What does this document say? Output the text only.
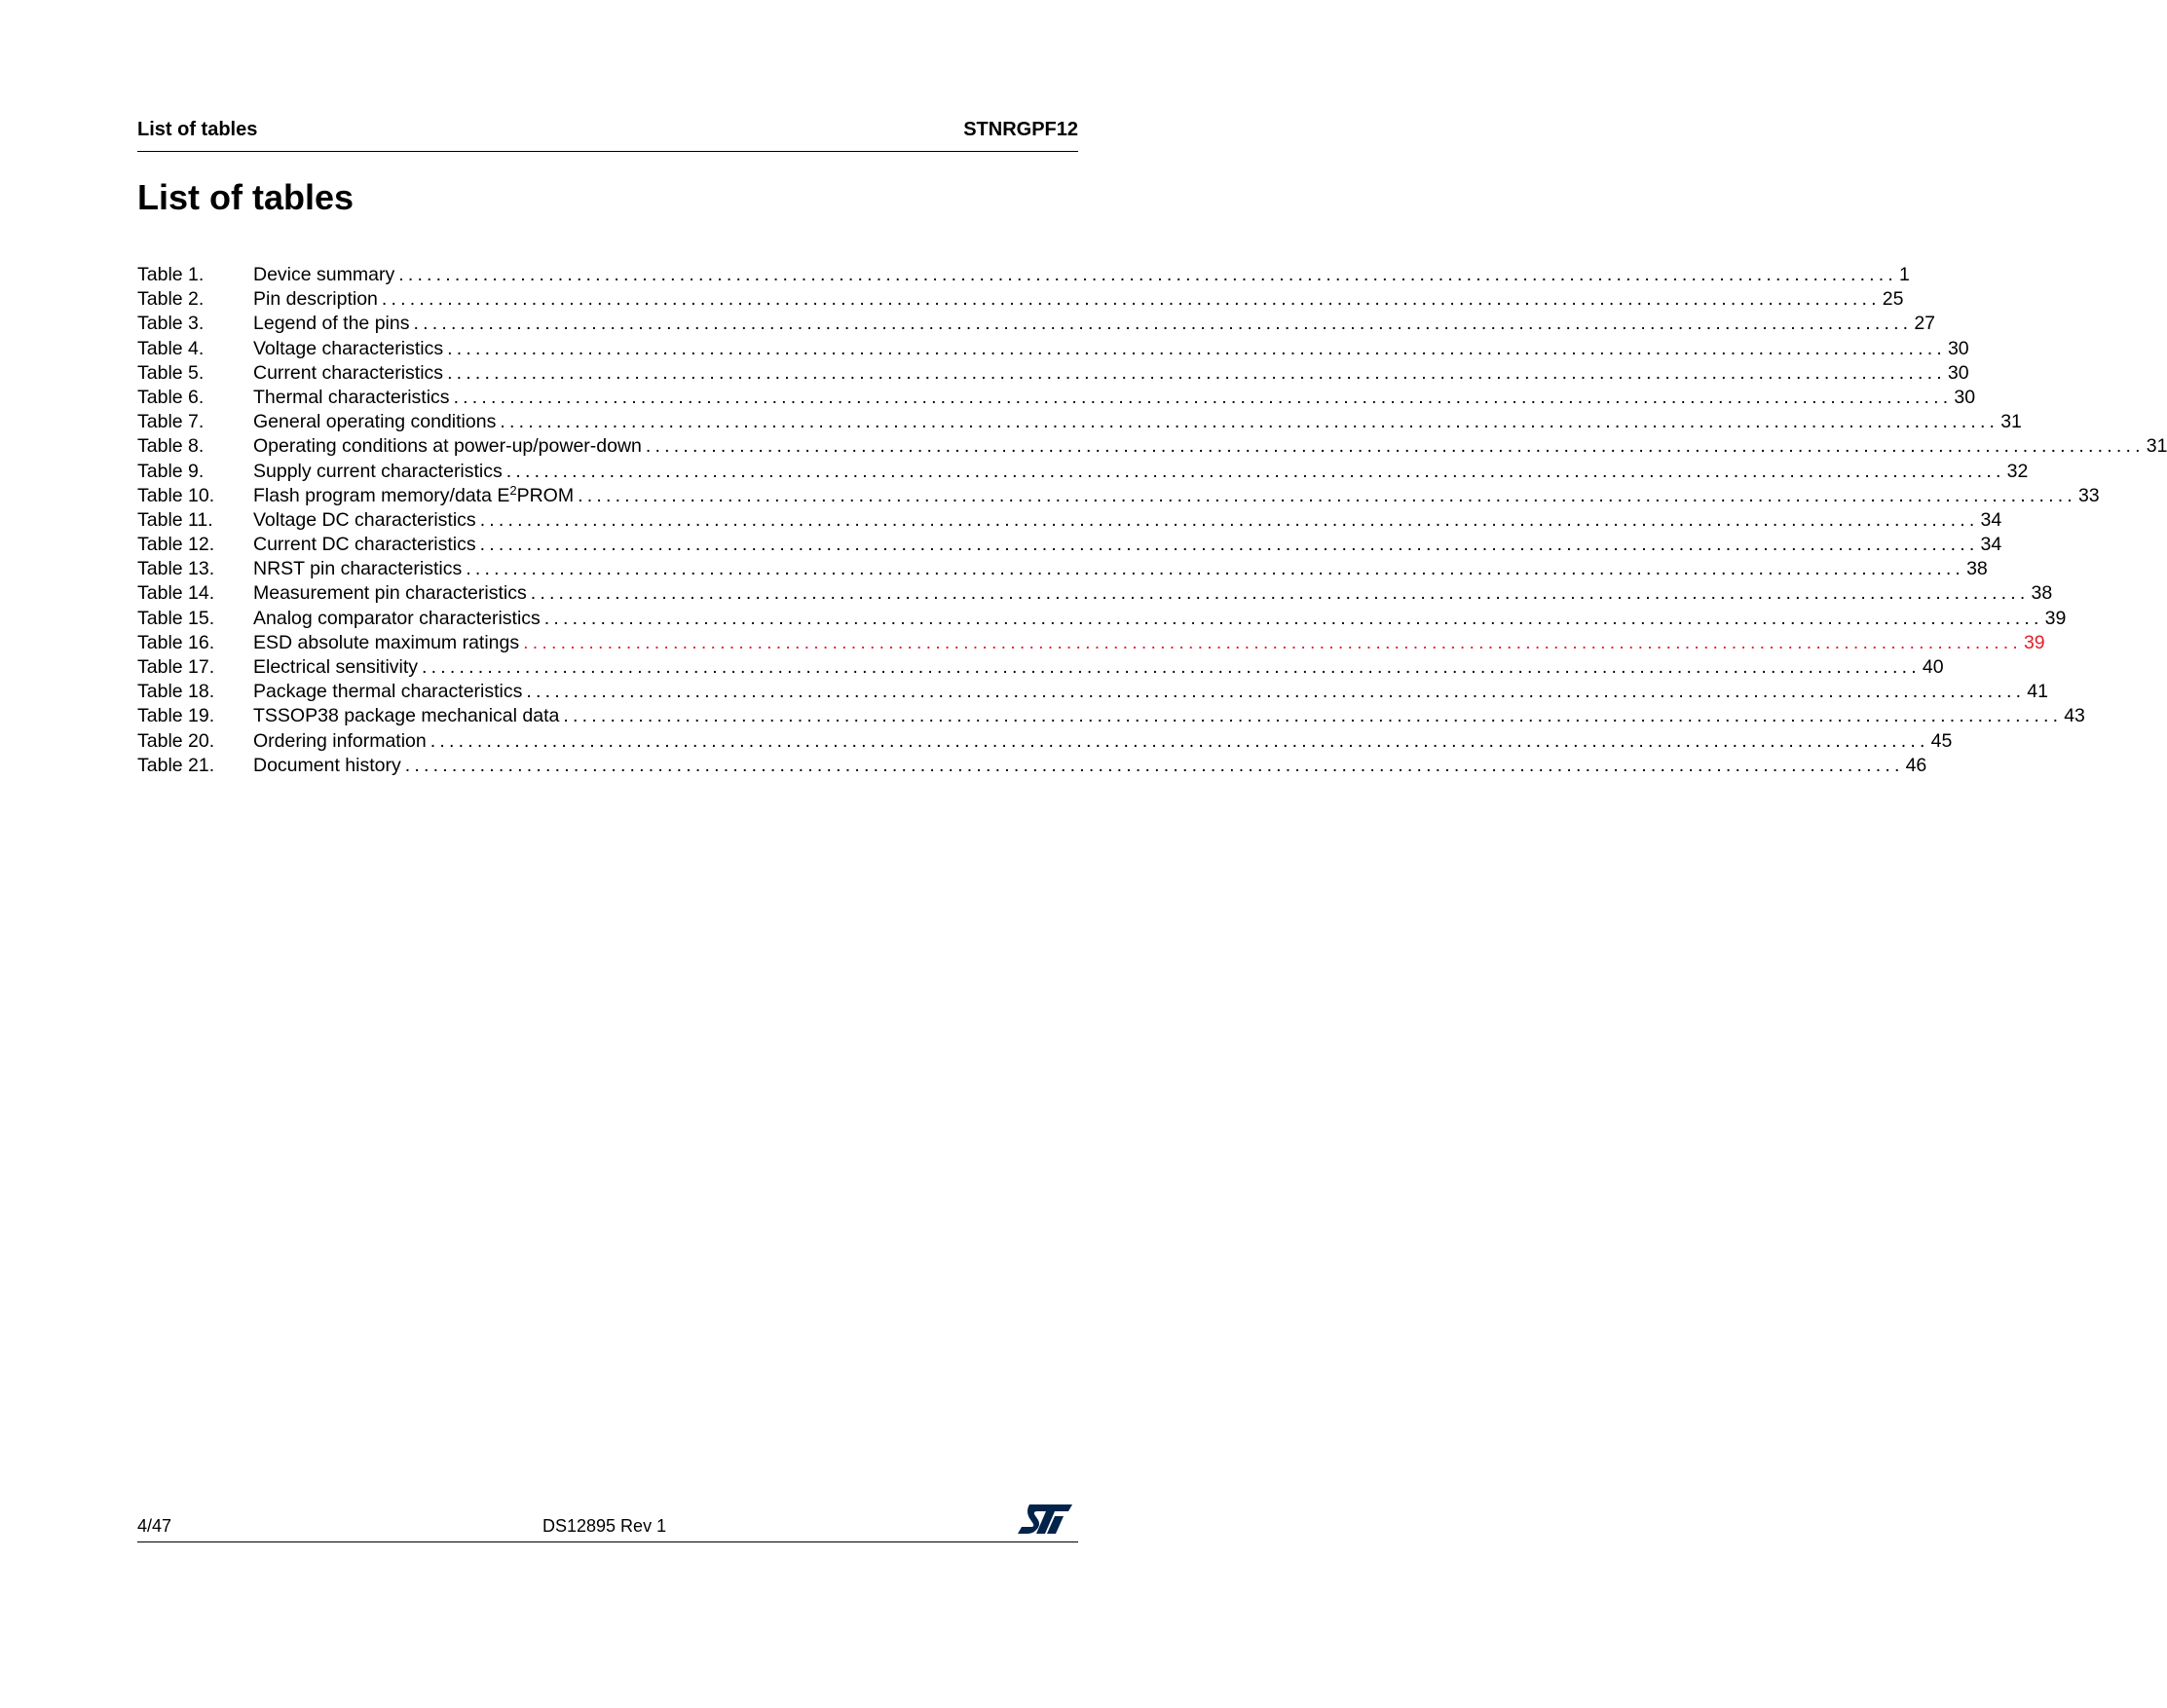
List of tables	STNRGPF12
List of tables
Table 1.	Device summary ................................................................................................................................................................ 1
Table 2.	Pin description ................................................................................................................................................................ 25
Table 3.	Legend of the pins ................................................................................................................................................................ 27
Table 4.	Voltage characteristics ................................................................................................................................................................ 30
Table 5.	Current characteristics ................................................................................................................................................................ 30
Table 6.	Thermal characteristics ................................................................................................................................................................ 30
Table 7.	General operating conditions ................................................................................................................................................................ 31
Table 8.	Operating conditions at power-up/power-down ................................................................................................................................................................ 31
Table 9.	Supply current characteristics ................................................................................................................................................................ 32
Table 10.	Flash program memory/data $E^2PROM$ ................................................................................................................................................................ 33
Table 11.	Voltage DC characteristics ................................................................................................................................................................ 34
Table 12.	Current DC characteristics ................................................................................................................................................................ 34
Table 13.	NRST pin characteristics ................................................................................................................................................................ 38
Table 14.	Measurement pin characteristics ................................................................................................................................................................ 38
Table 15.	Analog comparator characteristics ................................................................................................................................................................ 39
Table 16.	ESD absolute maximum ratings ................................................................................................................................................................ 39
Table 17.	Electrical sensitivity ................................................................................................................................................................ 40
Table 18.	Package thermal characteristics ................................................................................................................................................................ 41
Table 19.	TSSOP38 package mechanical data ................................................................................................................................................................ 43
Table 20.	Ordering information ................................................................................................................................................................ 45
Table 21.	Document history ................................................................................................................................................................ 46
4/47	DS12895 Rev 1
